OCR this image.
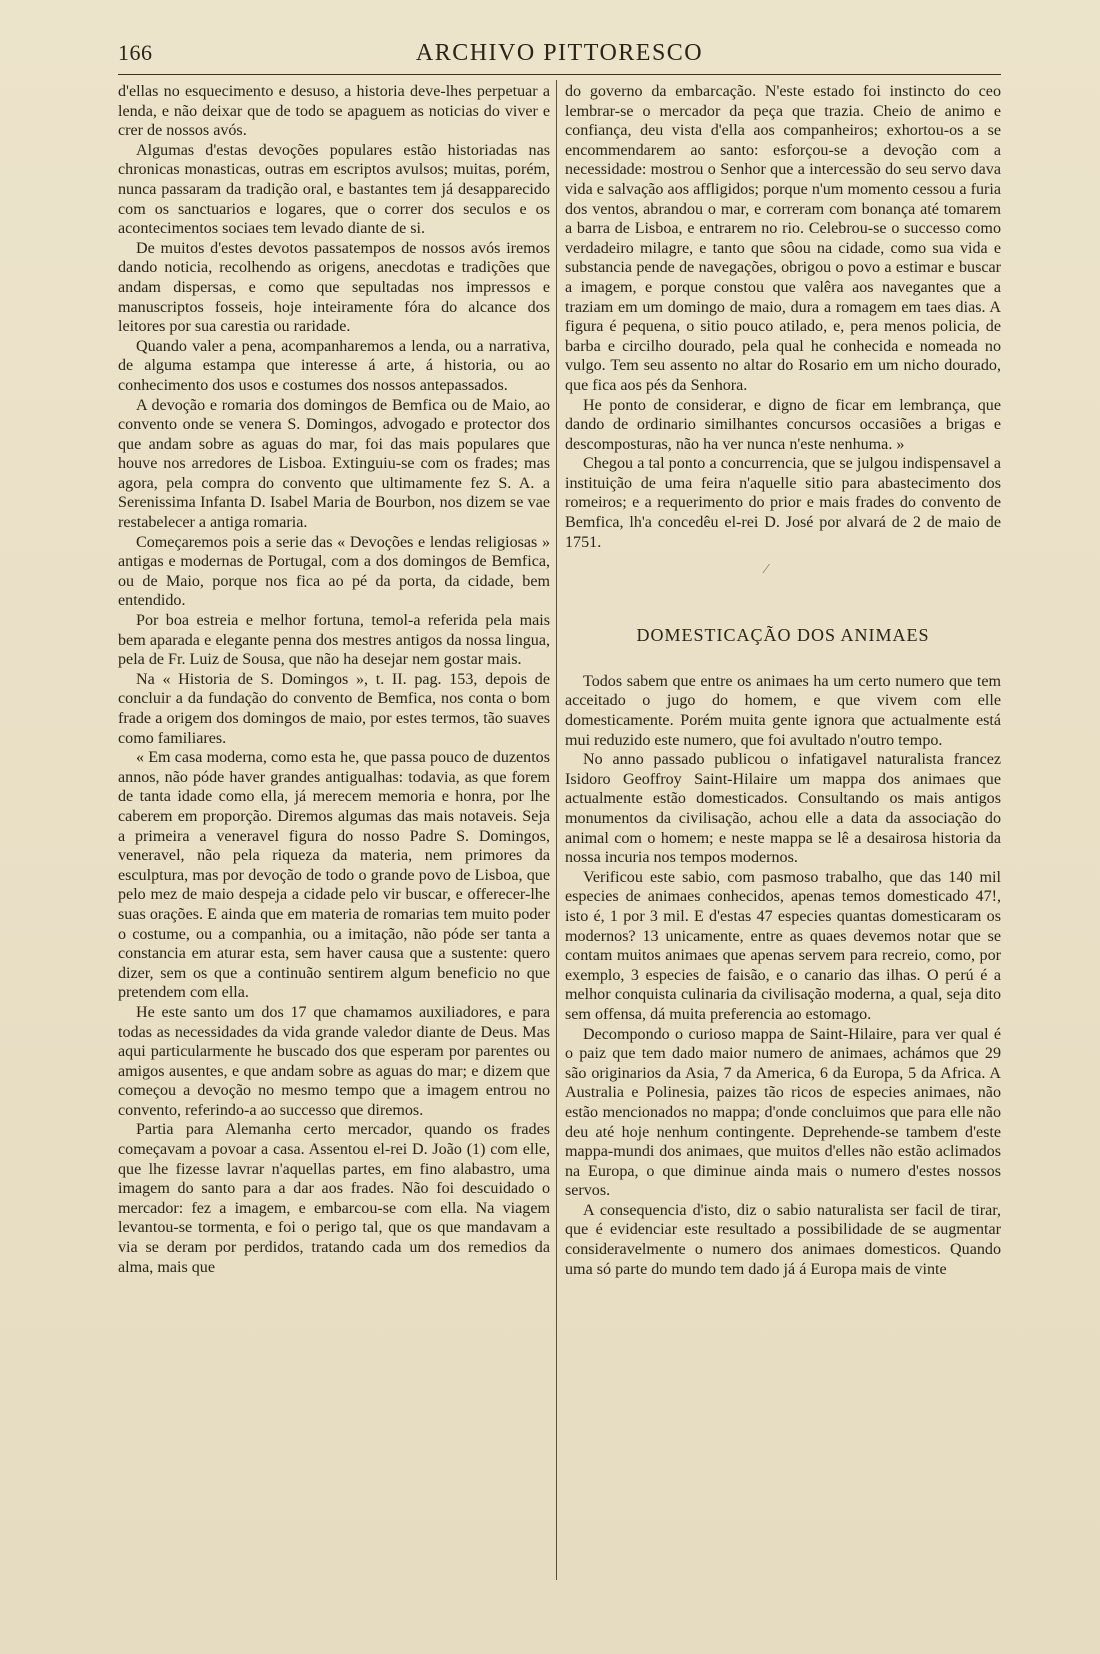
166	ARCHIVO PITTORESCO

d'ellas no esquecimento e desuso, a historia deve-lhes perpetuar a lenda, e não deixar que de todo se apaguem as noticias do viver e crer de nossos avós.

Algumas d'estas devoções populares estão historiadas nas chronicas monasticas, outras em escriptos avulsos; muitas, porém, nunca passaram da tradição oral, e bastantes tem já desapparecido com os sanctuarios e logares, que o correr dos seculos e os acontecimentos sociaes tem levado diante de si.

De muitos d'estes devotos passatempos de nossos avós iremos dando noticia, recolhendo as origens, anecdotas e tradições que andam dispersas, e como que sepultadas nos impressos e manuscriptos fosseis, hoje inteiramente fóra do alcance dos leitores por sua carestia ou raridade.

Quando valer a pena, acompanharemos a lenda, ou a narrativa, de alguma estampa que interesse á arte, á historia, ou ao conhecimento dos usos e costumes dos nossos antepassados.

A devoção e romaria dos domingos de Bemfica ou de Maio, ao convento onde se venera S. Domingos, advogado e protector dos que andam sobre as aguas do mar, foi das mais populares que houve nos arredores de Lisboa. Extinguiu-se com os frades; mas agora, pela compra do convento que ultimamente fez S. A. a Serenissima Infanta D. Isabel Maria de Bourbon, nos dizem se vae restabelecer a antiga romaria.

Começaremos pois a serie das « Devoções e lendas religiosas » antigas e modernas de Portugal, com a dos domingos de Bemfica, ou de Maio, porque nos fica ao pé da porta, da cidade, bem entendido.

Por boa estreia e melhor fortuna, temol-a referida pela mais bem aparada e elegante penna dos mestres antigos da nossa lingua, pela de Fr. Luiz de Sousa, que não ha desejar nem gostar mais.

Na « Historia de S. Domingos », t. II. pag. 153, depois de concluir a da fundação do convento de Bemfica, nos conta o bom frade a origem dos domingos de maio, por estes termos, tão suaves como familiares.

« Em casa moderna, como esta he, que passa pouco de duzentos annos, não póde haver grandes antigualhas: todavia, as que forem de tanta idade como ella, já merecem memoria e honra, por lhe caberem em proporção. Diremos algumas das mais notaveis. Seja a primeira a veneravel figura do nosso Padre S. Domingos, veneravel, não pela riqueza da materia, nem primores da esculptura, mas por devoção de todo o grande povo de Lisboa, que pelo mez de maio despeja a cidade pelo vir buscar, e offerecer-lhe suas orações. E ainda que em materia de romarias tem muito poder o costume, ou a companhia, ou a imitação, não póde ser tanta a constancia em aturar esta, sem haver causa que a sustente: quero dizer, sem os que a continuão sentirem algum beneficio no que pretendem com ella.

He este santo um dos 17 que chamamos auxiliadores, e para todas as necessidades da vida grande valedor diante de Deus. Mas aqui particularmente he buscado dos que esperam por parentes ou amigos ausentes, e que andam sobre as aguas do mar; e dizem que começou a devoção no mesmo tempo que a imagem entrou no convento, referindo-a ao successo que diremos.

Partia para Alemanha certo mercador, quando os frades começavam a povoar a casa. Assentou el-rei D. João (1) com elle, que lhe fizesse lavrar n'aquellas partes, em fino alabastro, uma imagem do santo para a dar aos frades. Não foi descuidado o mercador: fez a imagem, e embarcou-se com ella. Na viagem levantou-se tormenta, e foi o perigo tal, que os que mandavam a via se deram por perdidos, tratando cada um dos remedios da alma, mais que

do governo da embarcação. N'este estado foi instincto do ceo lembrar-se o mercador da peça que trazia. Cheio de animo e confiança, deu vista d'ella aos companheiros; exhortou-os a se encommendarem ao santo: esforçou-se a devoção com a necessidade: mostrou o Senhor que a intercessão do seu servo dava vida e salvação aos affligidos; porque n'um momento cessou a furia dos ventos, abrandou o mar, e correram com bonança até tomarem a barra de Lisboa, e entrarem no rio. Celebrou-se o successo como verdadeiro milagre, e tanto que sôou na cidade, como sua vida e substancia pende de navegações, obrigou o povo a estimar e buscar a imagem, e porque constou que valêra aos navegantes que a traziam em um domingo de maio, dura a romagem em taes dias. A figura é pequena, o sitio pouco atilado, e, pera menos policia, de barba e circilho dourado, pela qual he conhecida e nomeada no vulgo. Tem seu assento no altar do Rosario em um nicho dourado, que fica aos pés da Senhora.

He ponto de considerar, e digno de ficar em lembrança, que dando de ordinario similhantes concursos occasiões a brigas e descomposturas, não ha ver nunca n'este nenhuma. »

Chegou a tal ponto a concurrencia, que se julgou indispensavel a instituição de uma feira n'aquelle sitio para abastecimento dos romeiros; e a requerimento do prior e mais frades do convento de Bemfica, lh'a concedêu el-rei D. José por alvará de 2 de maio de 1751.

⁄
DOMESTICAÇÃO DOS ANIMAES

Todos sabem que entre os animaes ha um certo numero que tem acceitado o jugo do homem, e que vivem com elle domesticamente. Porém muita gente ignora que actualmente está mui reduzido este numero, que foi avultado n'outro tempo.

No anno passado publicou o infatigavel naturalista francez Isidoro Geoffroy Saint-Hilaire um mappa dos animaes que actualmente estão domesticados. Consultando os mais antigos monumentos da civilisação, achou elle a data da associação do animal com o homem; e neste mappa se lê a desairosa historia da nossa incuria nos tempos modernos.

Verificou este sabio, com pasmoso trabalho, que das 140 mil especies de animaes conhecidos, apenas temos domesticado 47!, isto é, 1 por 3 mil. E d'estas 47 especies quantas domesticaram os modernos? 13 unicamente, entre as quaes devemos notar que se contam muitos animaes que apenas servem para recreio, como, por exemplo, 3 especies de faisão, e o canario das ilhas. O perú é a melhor conquista culinaria da civilisação moderna, a qual, seja dito sem offensa, dá muita preferencia ao estomago.

Decompondo o curioso mappa de Saint-Hilaire, para ver qual é o paiz que tem dado maior numero de animaes, achámos que 29 são originarios da Asia, 7 da America, 6 da Europa, 5 da Africa. A Australia e Polinesia, paizes tão ricos de especies animaes, não estão mencionados no mappa; d'onde concluimos que para elle não deu até hoje nenhum contingente. Deprehende-se tambem d'este mappa-mundi dos animaes, que muitos d'elles não estão aclimados na Europa, o que diminue ainda mais o numero d'estes nossos servos.

A consequencia d'isto, diz o sabio naturalista ser facil de tirar, que é evidenciar este resultado a possibilidade de se augmentar consideravelmente o numero dos animaes domesticos. Quando uma só parte do mundo tem dado já á Europa mais de vinte
